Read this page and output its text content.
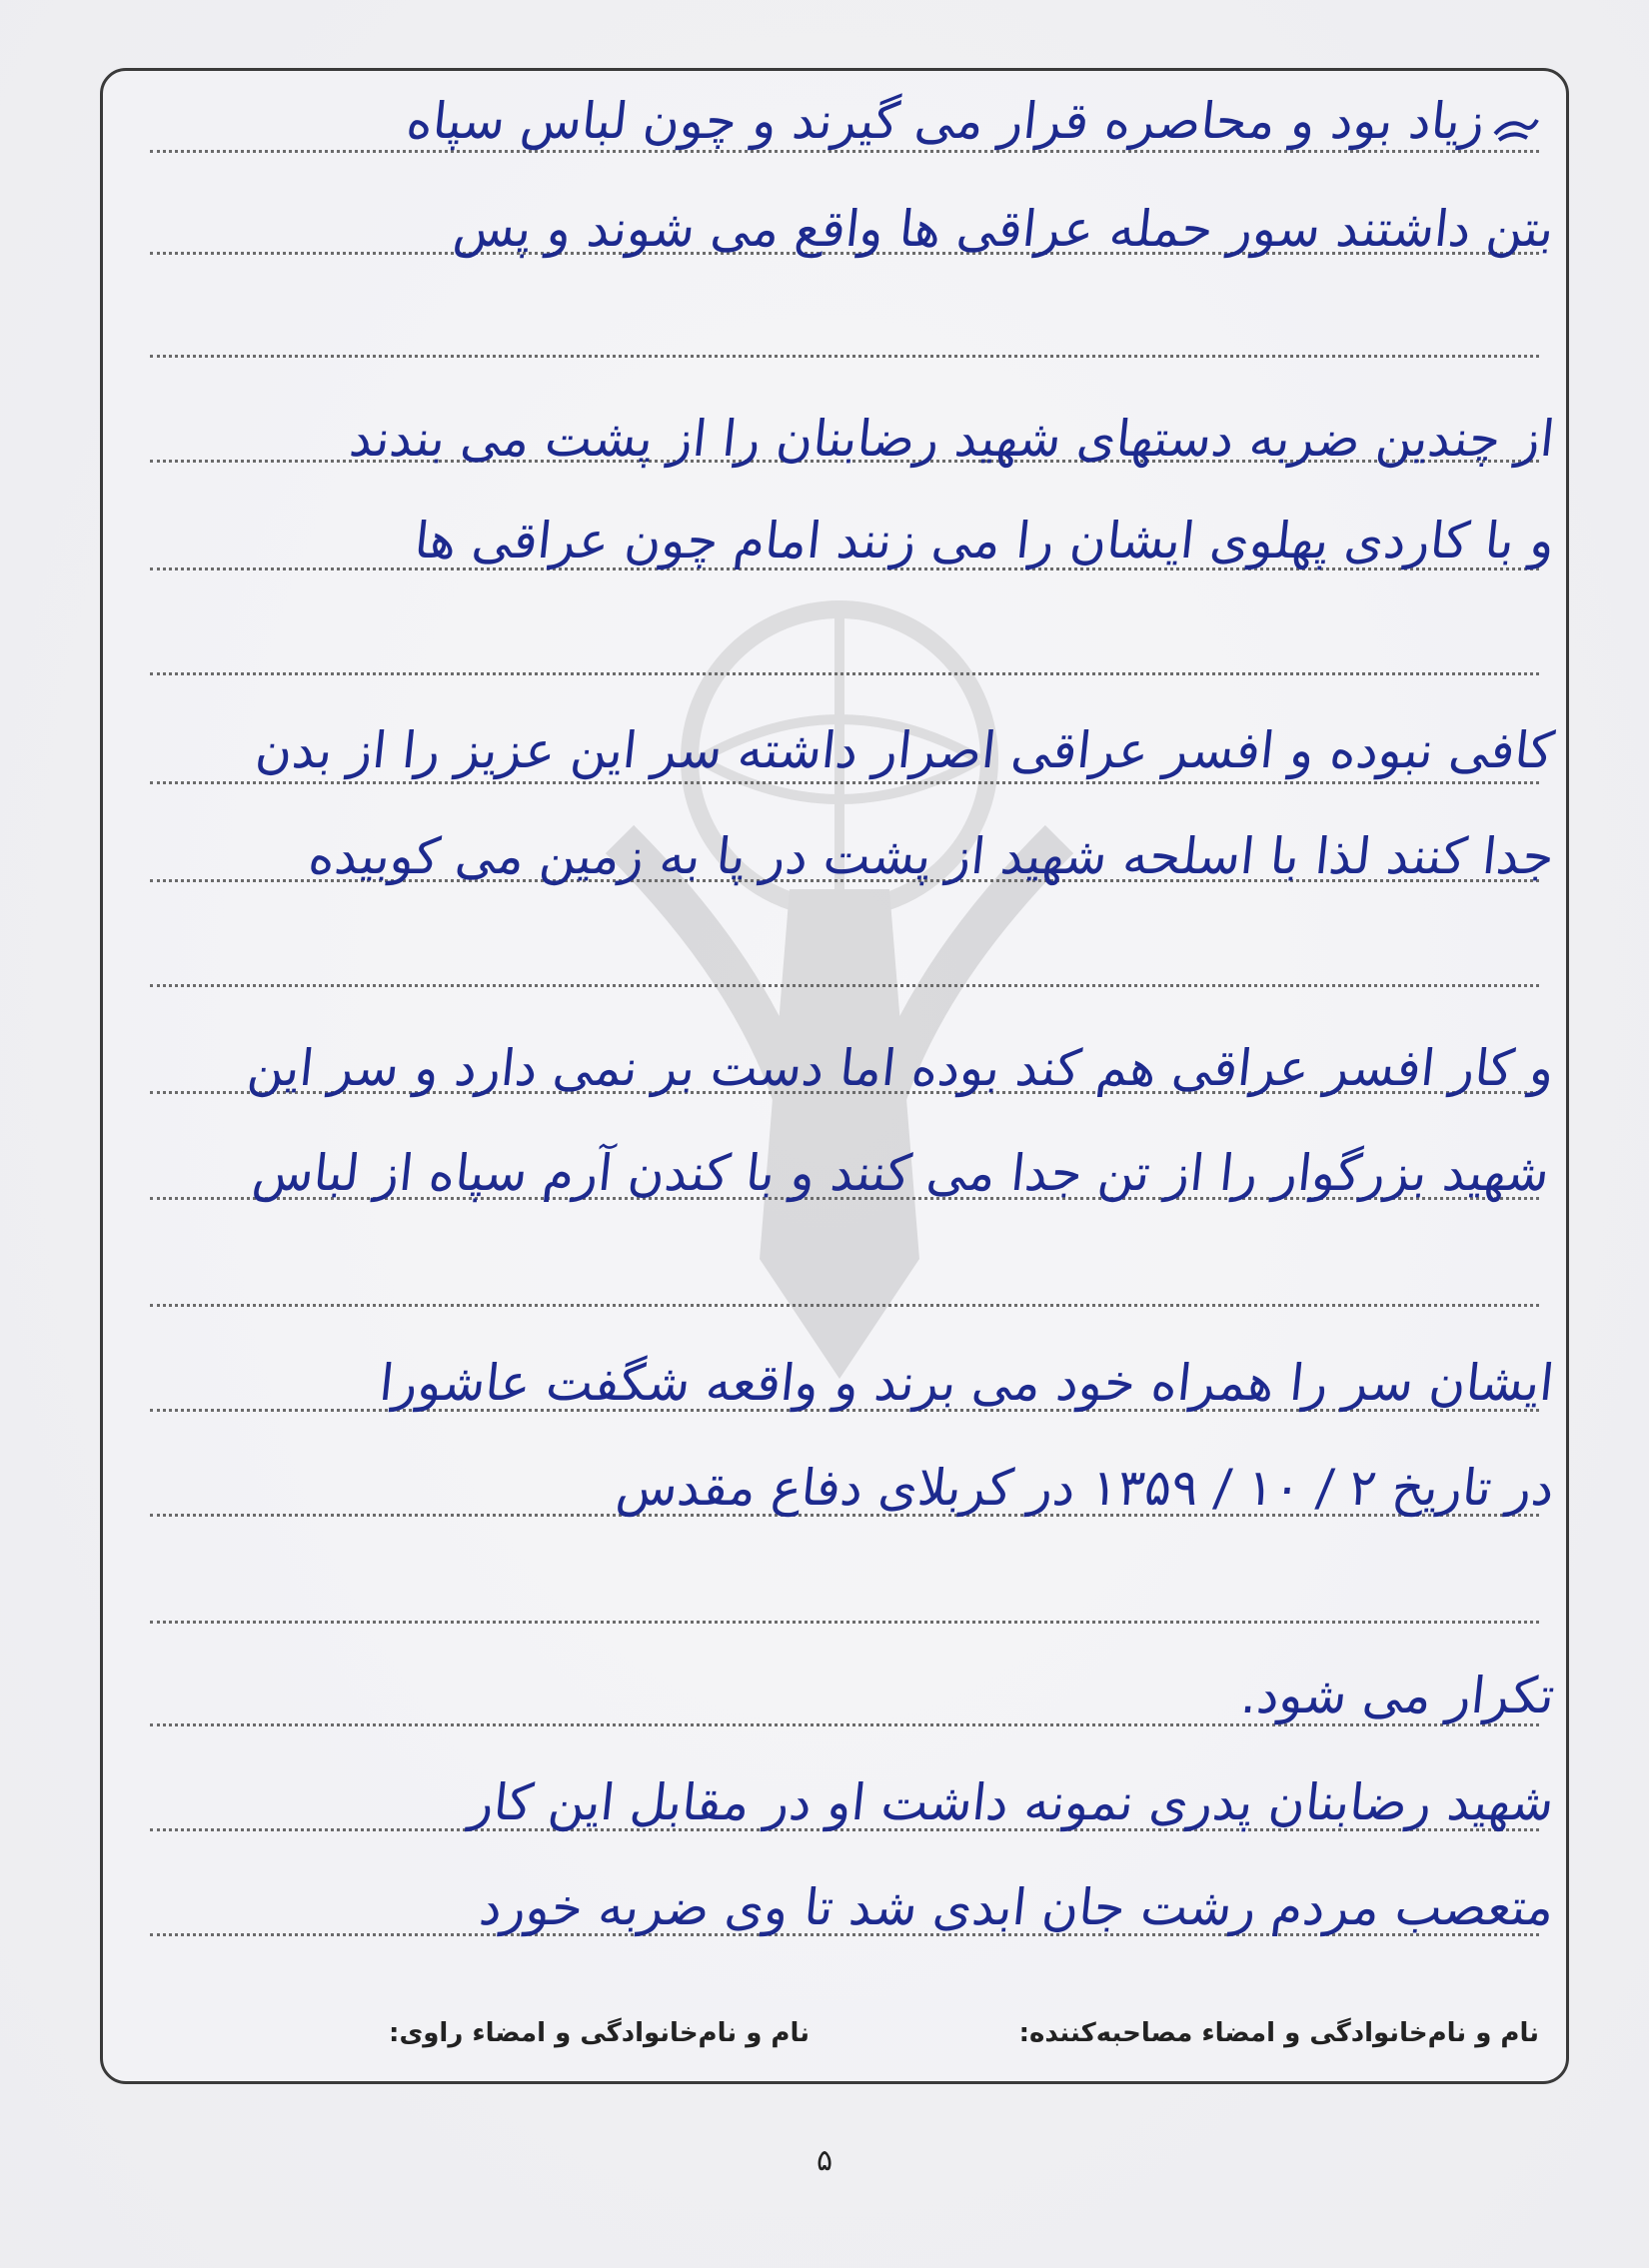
زیاد بود و محاصره قرار می گیرند و چون لباس سپاه
بتن داشتند سور حمله عراقی ها واقع می شوند و پس
از چندین ضربه دستهای شهید رضابنان را از پشت می بندند
و با کاردی پهلوی ایشان را می زنند امام چون عراقی ها
کافی نبوده و افسر عراقی اصرار داشته سر این عزیز را از بدن
جدا کنند لذا با اسلحه شهید از پشت در پا به زمین می کوبیده
و کار افسر عراقی هم کند بوده اما دست بر نمی دارد و سر این
شهید بزرگوار را از تن جدا می کنند و با کندن آرم سپاه از لباس
ایشان سر را همراه خود می برند و واقعه شگفت عاشورا
در تاریخ ۲ / ۱۰ / ۱۳۵۹ در کربلای دفاع مقدس
تکرار می شود.
شهید رضابنان پدری نمونه داشت او در مقابل این کار
متعصب مردم رشت جان ابدی شد تا وی ضربه خورد
نام و نام‌خانوادگی و امضاء مصاحبه‌کننده:
نام و نام‌خانوادگی و امضاء راوی:
۵
